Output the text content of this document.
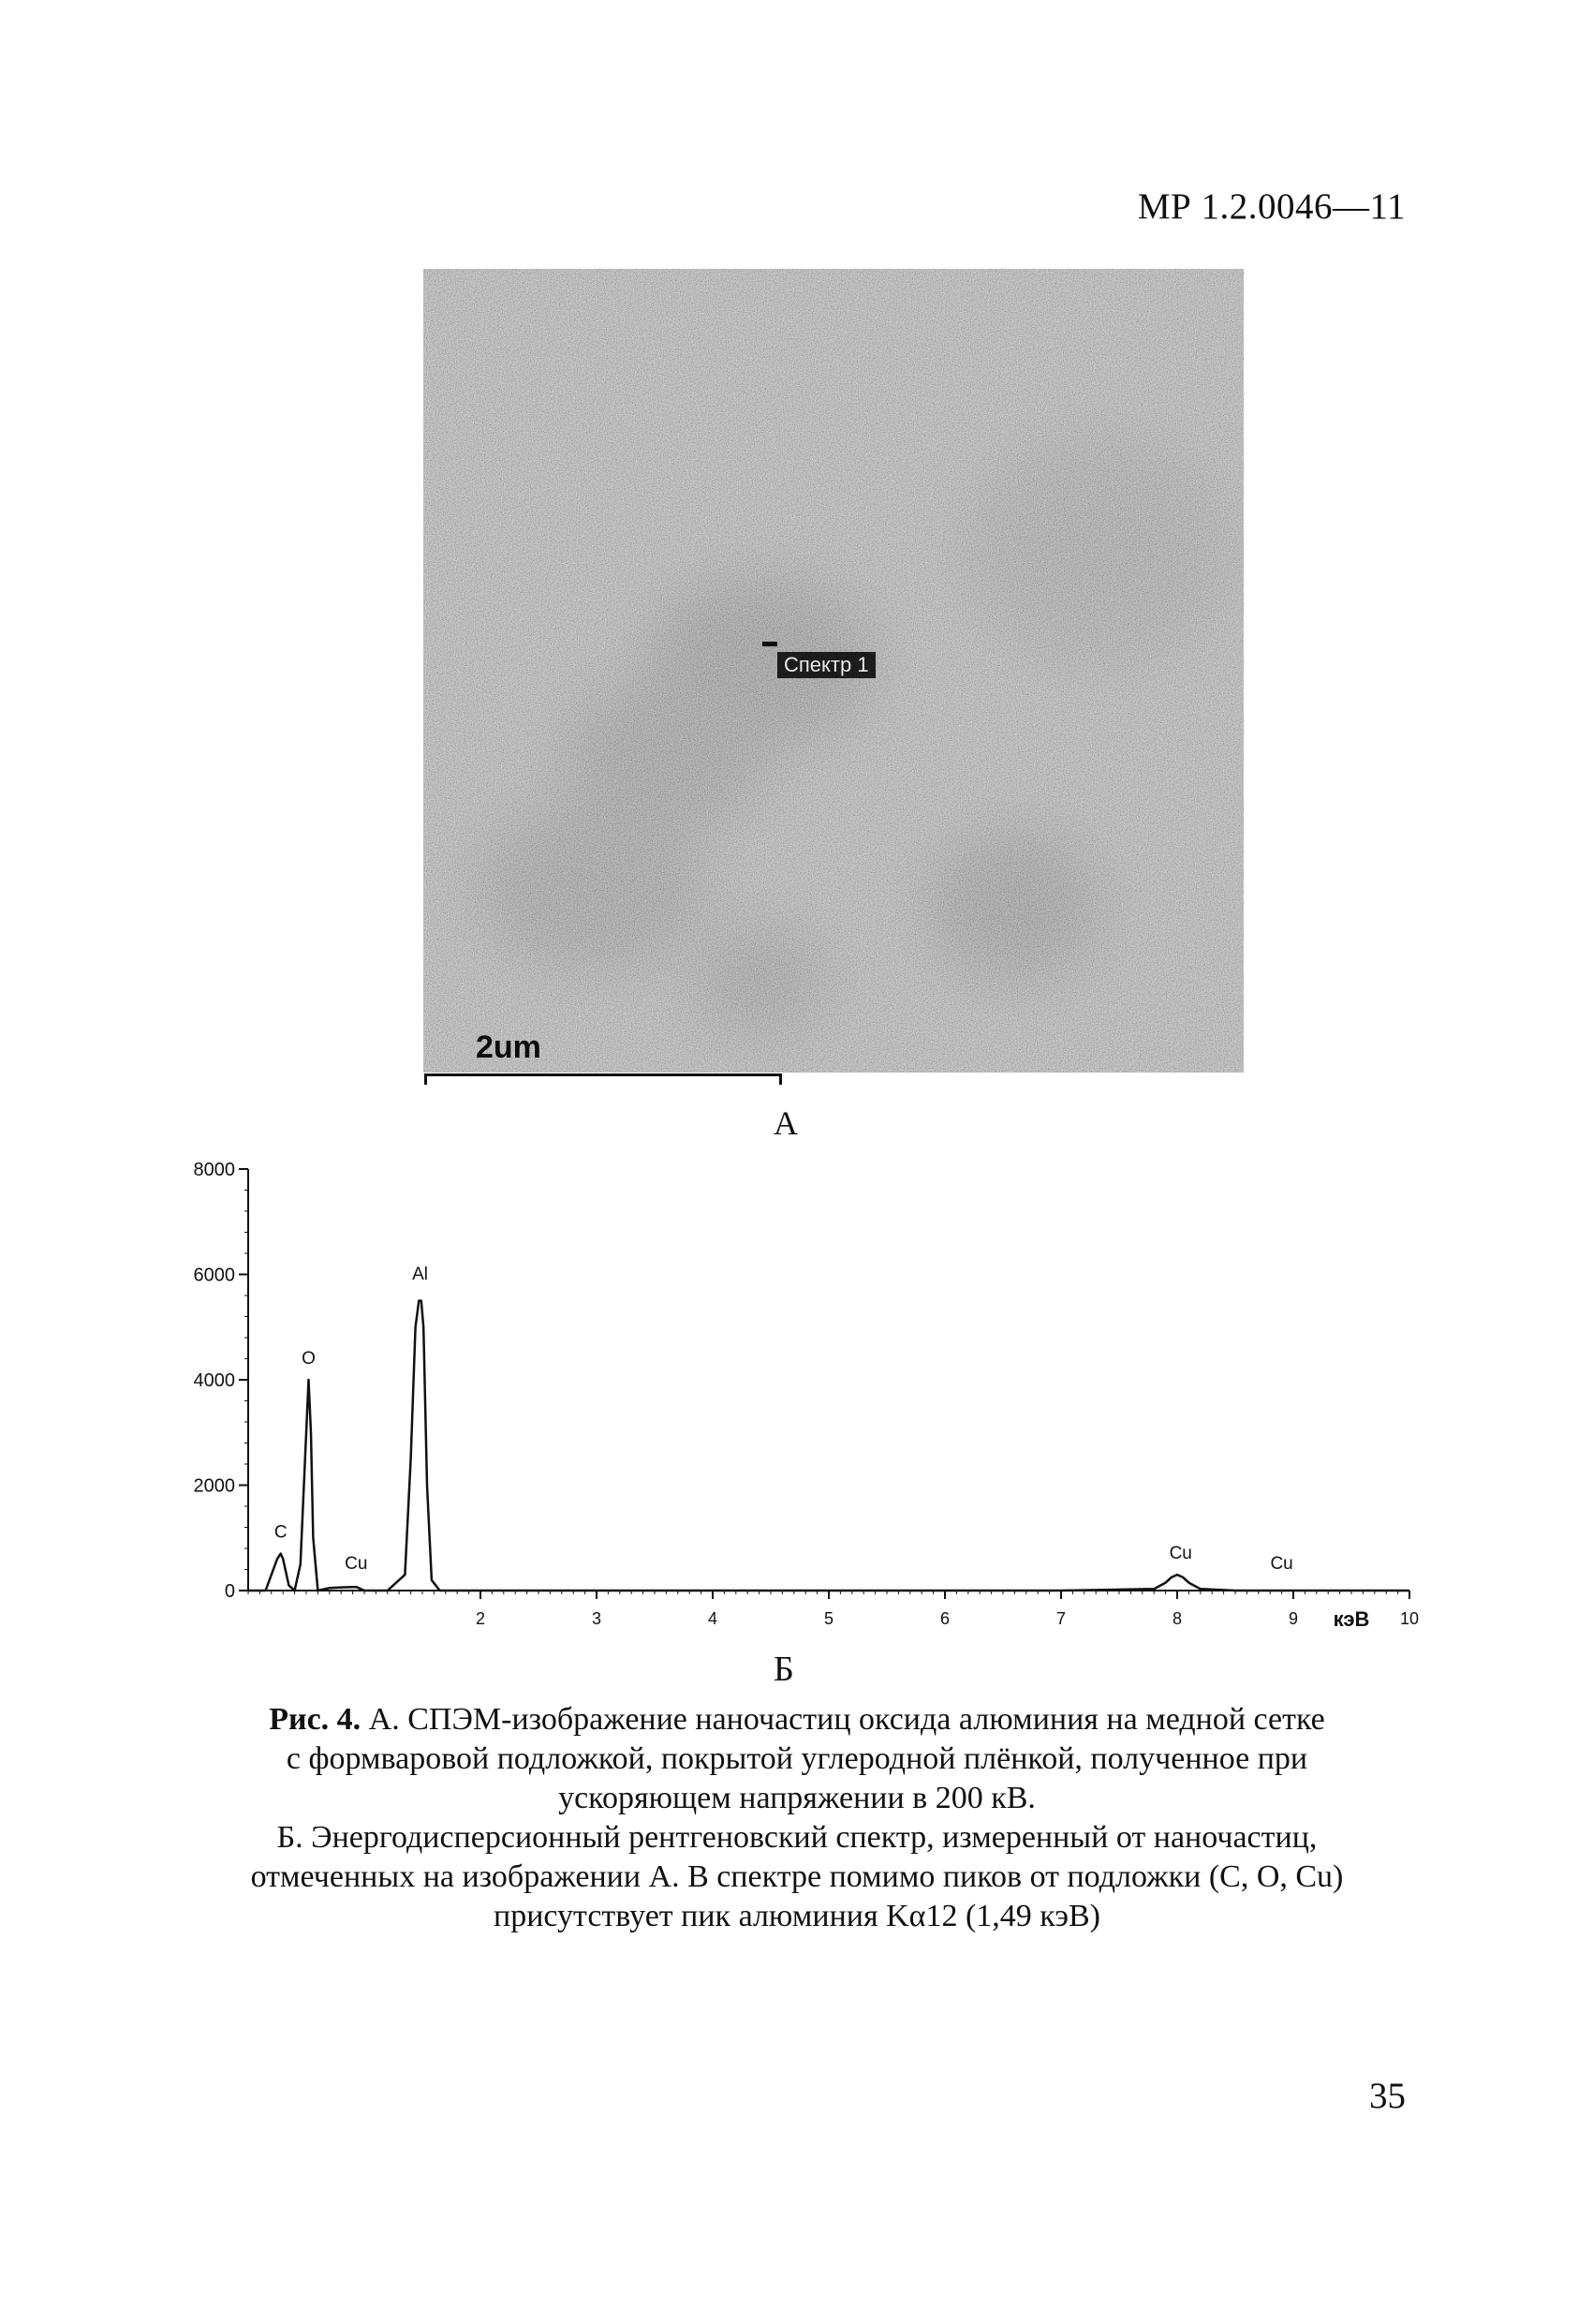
МР 1.2.0046—11
Спектр 1
2um
А
0
2000
4000
6000
8000
2	3	4	5	6	7	8	9	10
кэВ
C
O
Cu
Al
Cu
Cu
Б

Рис. 4. А. СПЭМ-изображение наночастиц оксида алюминия на медной сетке

с формваровой подложкой, покрытой углеродной плёнкой, полученное при

ускоряющем напряжении в 200 кВ.

Б. Энергодисперсионный рентгеновский спектр, измеренный от наночастиц,

отмеченных на изображении А. В спектре помимо пиков от подложки (С, О, Cu)

присутствует пик алюминия Kα12 (1,49 кэВ)

35
